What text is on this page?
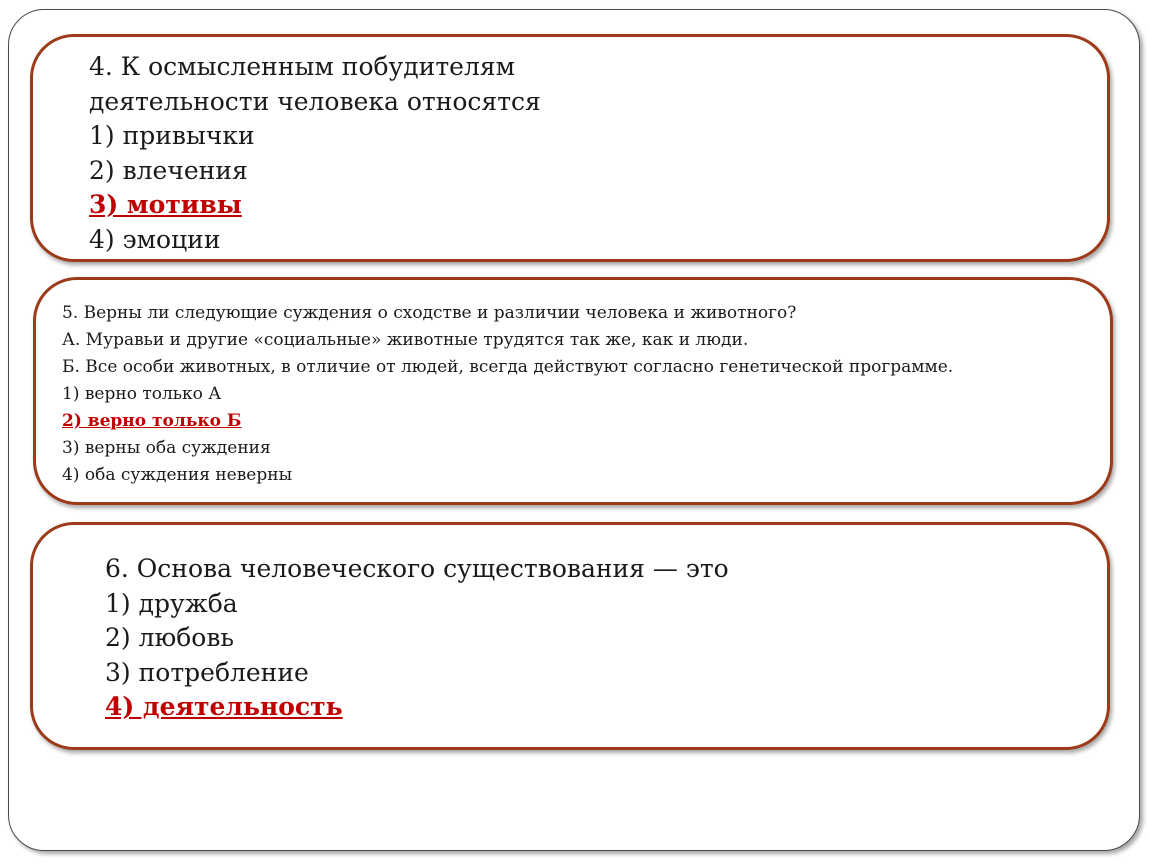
4. К осмысленным побудителям
деятельности человека относятся
1) привычки
2) влечения
3) мотивы
4) эмоции
5. Верны ли следующие суждения о сходстве и различии человека и животного?
А. Муравьи и другие «социальные» животные трудятся так же, как и люди.
Б. Все особи животных, в отличие от людей, всегда действуют согласно генетической программе.
1) верно только А
2) верно только Б
3) верны оба суждения
4) оба суждения неверны
6. Основа человеческого существования — это
1) дружба
2) любовь
3) потребление
4) деятельность
